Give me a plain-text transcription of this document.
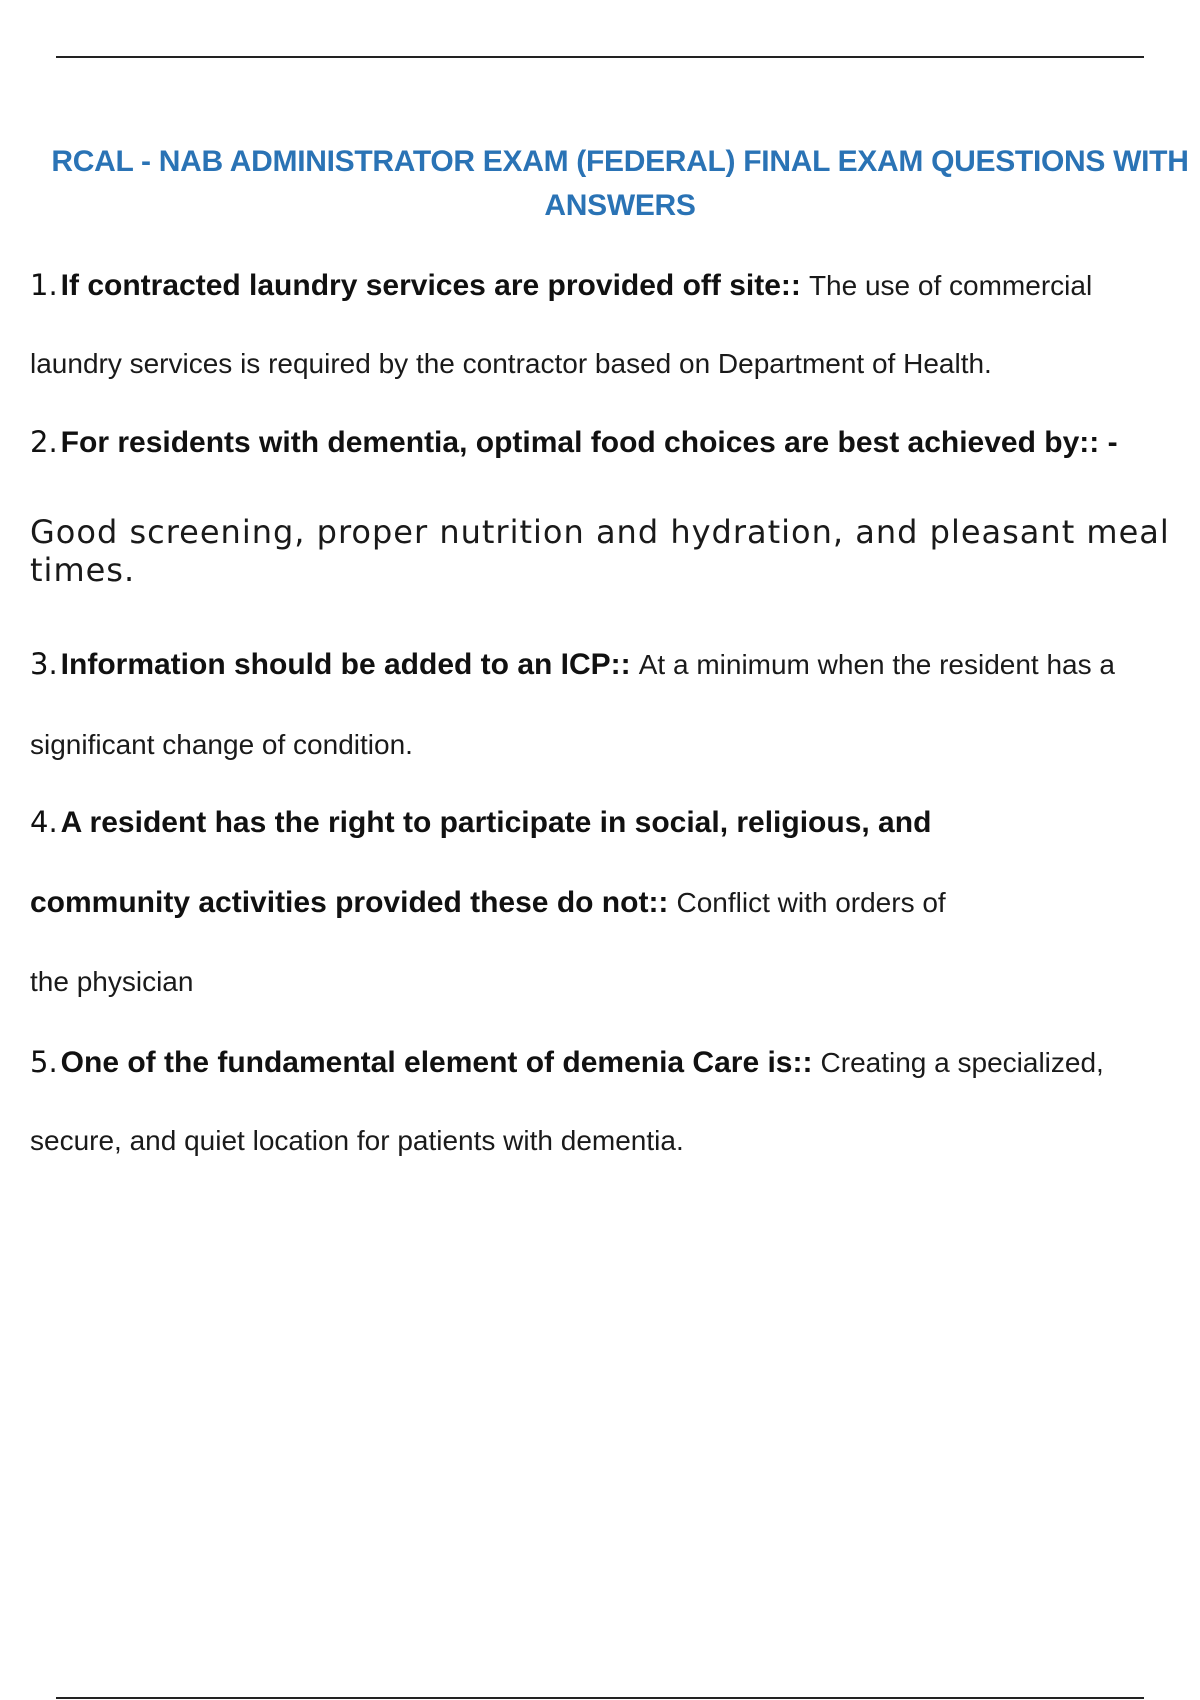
RCAL - NAB ADMINISTRATOR EXAM (FEDERAL) FINAL EXAM QUESTIONS WITH
ANSWERS
1. If contracted laundry services are provided off site:: The use of commercial
laundry services is required by the contractor based on Department of Health.
2. For residents with dementia, optimal food choices are best achieved by:: -
Good screening, proper nutrition and hydration, and pleasant meal
times.
3. Information should be added to an ICP:: At a minimum when the resident has a
significant change of condition.
4. A resident has the right to participate in social, religious, and
community activities provided these do not:: Conflict with orders of
the physician
5. One of the fundamental element of demenia Care is:: Creating a specialized,
secure, and quiet location for patients with dementia.
